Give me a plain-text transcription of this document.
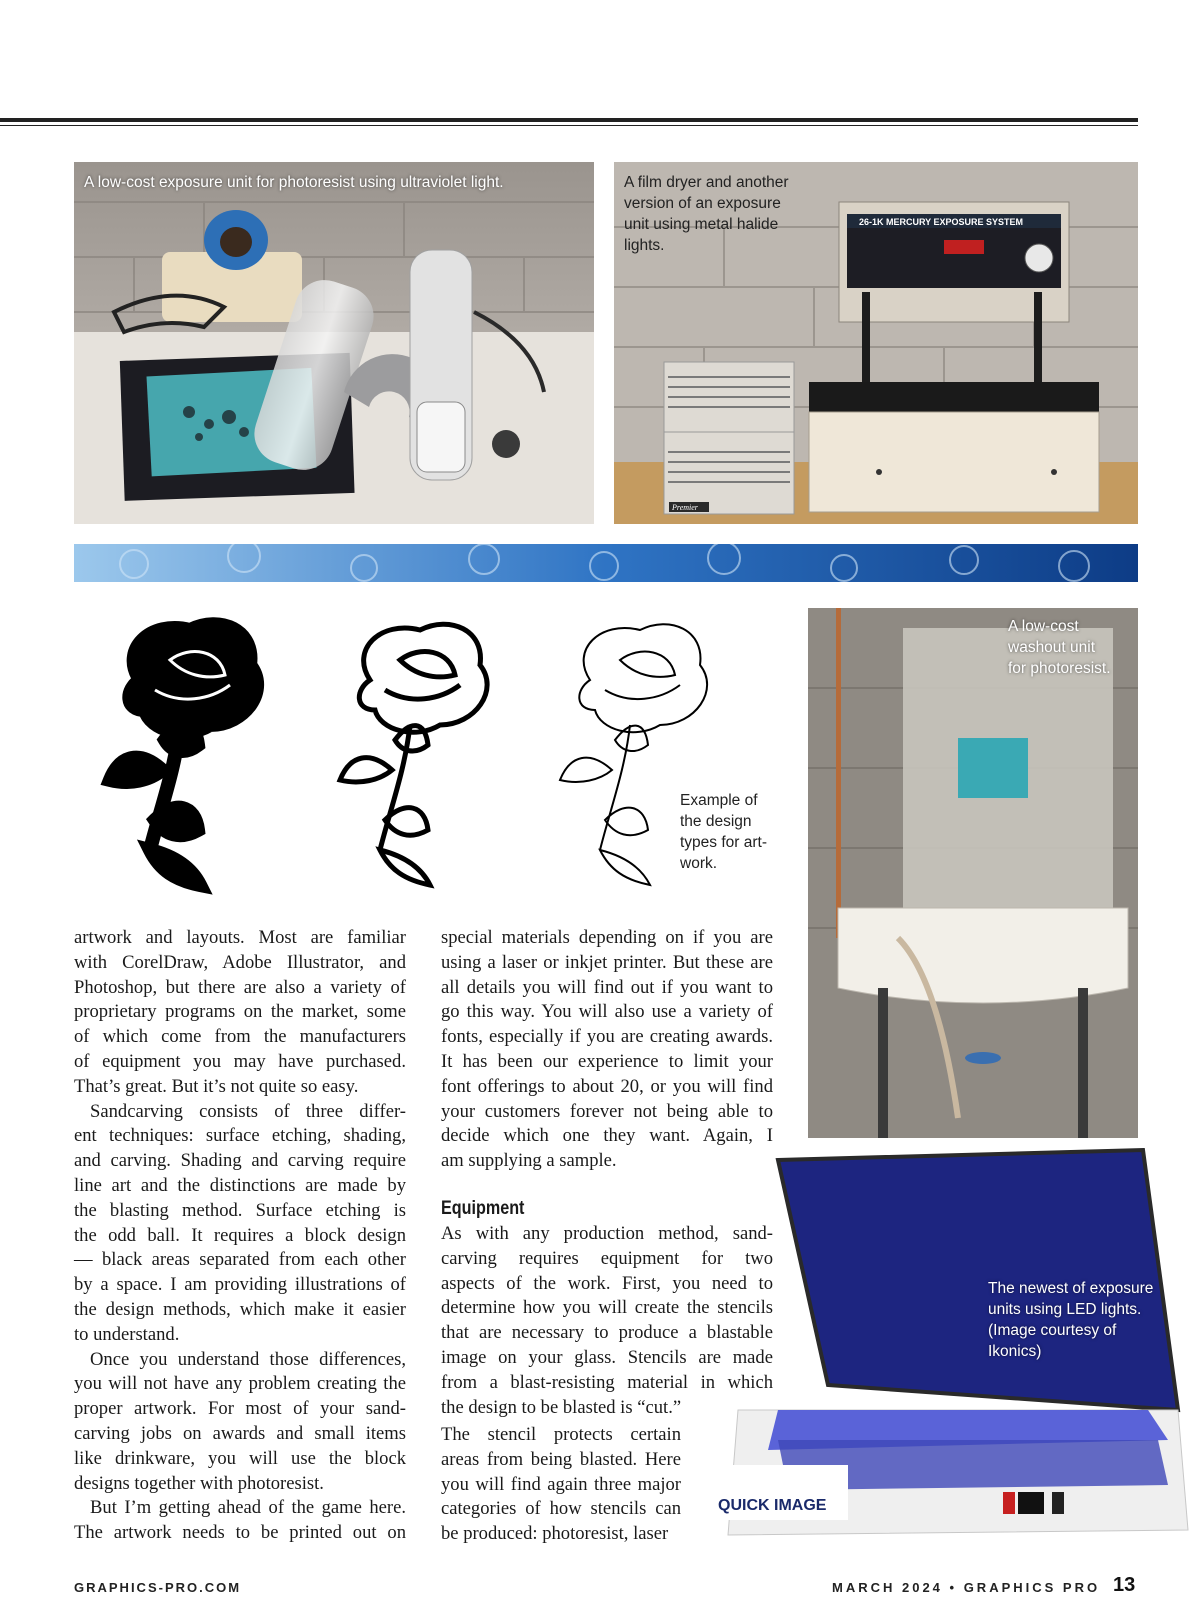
A low-cost exposure unit for photoresist using ultraviolet light.
26-1K MERCURY EXPOSURE SYSTEM
Premier
A film dryer and another
version of an exposure
unit using metal halide
lights.
Example of
the design
types for art-
work.
A low-cost
washout unit
for photoresist.
QUICK IMAGE
The newest of exposure
units using LED lights.
(Image courtesy of
Ikonics)

artwork and layouts. Most are familiar

with CorelDraw, Adobe Illustrator, and

Photoshop, but there are also a variety of

proprietary programs on the market, some

of which come from the manufacturers

of equipment you may have purchased.

That’s great. But it’s not quite so easy.

Sandcarving consists of three differ-

ent techniques: surface etching, shading,

and carving. Shading and carving require

line art and the distinctions are made by

the blasting method. Surface etching is

the odd ball. It requires a block design

— black areas separated from each other

by a space. I am providing illustrations of

the design methods, which make it easier

to understand.

Once you understand those differences,

you will not have any problem creating the

proper artwork. For most of your sand-

carving jobs on awards and small items

like drinkware, you will use the block

designs together with photoresist.

But I’m getting ahead of the game here.

The artwork needs to be printed out on

special materials depending on if you are

using a laser or inkjet printer. But these are

all details you will find out if you want to

go this way. You will also use a variety of

fonts, especially if you are creating awards.

It has been our experience to limit your

font offerings to about 20, or you will find

your customers forever not being able to

decide which one they want. Again, I

am supplying a sample.

Equipment

As with any production method, sand-

carving requires equipment for two

aspects of the work. First, you need to

determine how you will create the stencils

that are necessary to produce a blastable

image on your glass. Stencils are made

from a blast-resisting material in which

the design to be blasted is “cut.”

The stencil protects certain

areas from being blasted. Here

you will find again three major

categories of how stencils can

be produced: photoresist, laser

GRAPHICS-PRO.COM	MARCH 2024 • GRAPHICS PRO 13
